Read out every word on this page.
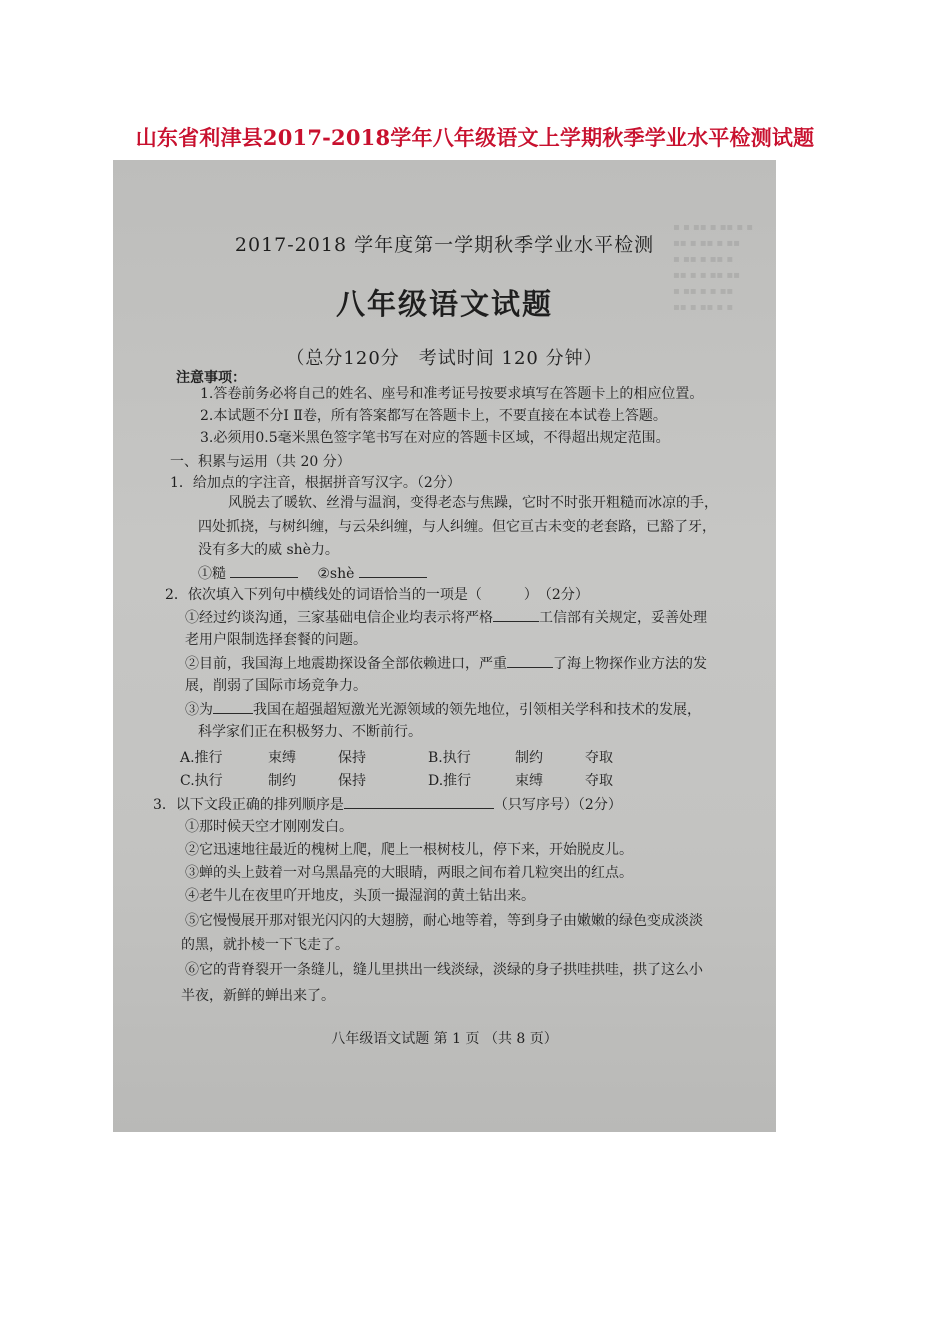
山东省利津县2017-2018学年八年级语文上学期秋季学业水平检测试题
▪ ▪ ▪▪ ▪ ▪▪ ▪ ▪
▪▪ ▪ ▪▪ ▪ ▪▪
▪ ▪▪ ▪ ▪▪ ▪
▪▪ ▪ ▪ ▪▪ ▪▪
▪ ▪▪ ▪ ▪ ▪▪
▪▪ ▪ ▪▪ ▪ ▪
2017-2018 学年度第一学期秋季学业水平检测
八年级语文试题
（总分120分　考试时间 120 分钟）
注意事项：
1.答卷前务必将自己的姓名、座号和准考证号按要求填写在答题卡上的相应位置。
2.本试题不分Ⅰ Ⅱ卷，所有答案都写在答题卡上，不要直接在本试卷上答题。
3.必须用0.5毫米黑色签字笔书写在对应的答题卡区域，不得超出规定范围。
一、积累与运用（共 20 分）
1．给加点的字注音，根据拼音写汉字。（2分）
风脱去了暖软、丝滑与温润，变得老态与焦躁，它时不时张开粗糙而冰凉的手，
四处抓挠，与树纠缠，与云朵纠缠，与人纠缠。但它亘古未变的老套路，已豁了牙，
没有多大的威 shè力。
①糙	②shè
2．依次填入下列句中横线处的词语恰当的一项是（　　　）　（2分）
①经过约谈沟通，三家基础电信企业均表示将严格	工信部有关规定，妥善处理
老用户限制选择套餐的问题。
②目前，我国海上地震勘探设备全部依赖进口，严重	了海上物探作业方法的发
展，削弱了国际市场竞争力。
③为	我国在超强超短激光光源领域的领先地位，引领相关学科和技术的发展，
科学家们正在积极努力、不断前行。
A.推行	束缚	保持	B.执行	制约	夺取
C.执行	制约	保持	D.推行	束缚	夺取
3．以下文段正确的排列顺序是	（只写序号）（2分）
①那时候天空才刚刚发白。
②它迅速地往最近的槐树上爬，爬上一根树枝儿，停下来，开始脱皮儿。
③蝉的头上鼓着一对乌黑晶亮的大眼睛，两眼之间布着几粒突出的红点。
④老牛儿在夜里吖开地皮，头顶一撮湿润的黄土钻出来。
⑤它慢慢展开那对银光闪闪的大翅膀，耐心地等着，等到身子由嫩嫩的绿色变成淡淡
的黑，就扑棱一下飞走了。
⑥它的背脊裂开一条缝儿，缝儿里拱出一线淡绿，淡绿的身子拱哇拱哇，拱了这么小
半夜，新鲜的蝉出来了。
八年级语文试题 第 1 页 （共 8 页）
